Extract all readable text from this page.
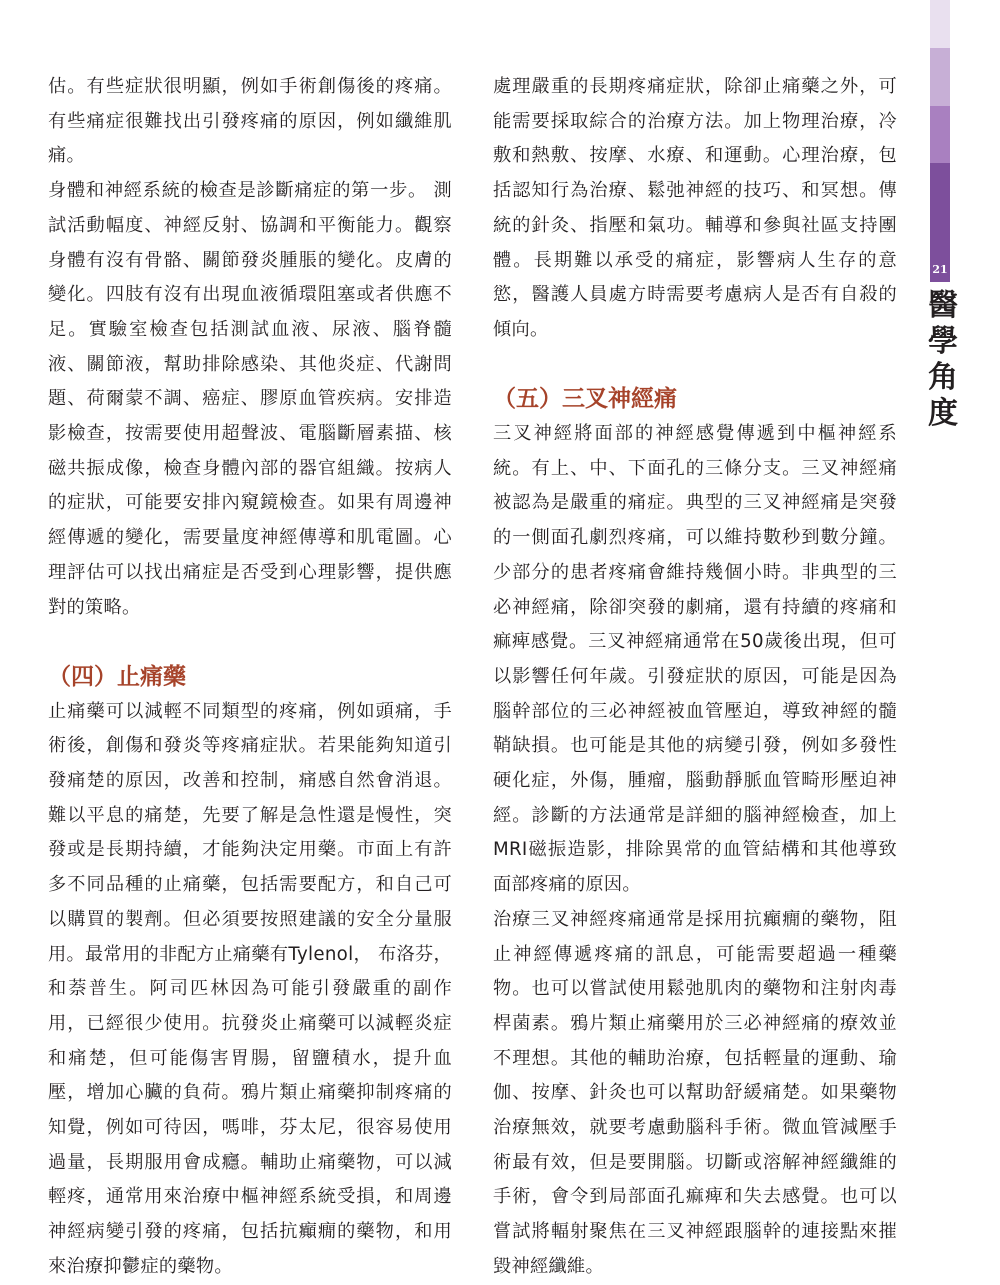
21
醫學角度

估。有些症狀很明顯，例如手術創傷後的疼痛。有些痛症很難找出引發疼痛的原因，例如纖維肌痛。

身體和神經系統的檢查是診斷痛症的第一步。 測試活動幅度、神經反射、協調和平衡能力。觀察身體有沒有骨骼、關節發炎腫脹的變化。皮膚的變化。四肢有沒有出現血液循環阻塞或者供應不足。實驗室檢查包括測試血液、尿液、腦脊髓液、關節液，幫助排除感染、其他炎症、代謝問題、荷爾蒙不調、癌症、膠原血管疾病。安排造影檢查，按需要使用超聲波、電腦斷層素描、核磁共振成像，檢查身體內部的器官組織。按病人的症狀，可能要安排內窺鏡檢查。如果有周邊神經傳遞的變化，需要量度神經傳導和肌電圖。心理評估可以找出痛症是否受到心理影響，提供應對的策略。

（四）止痛藥

止痛藥可以減輕不同類型的疼痛，例如頭痛，手術後，創傷和發炎等疼痛症狀。若果能夠知道引發痛楚的原因，改善和控制，痛感自然會消退。難以平息的痛楚，先要了解是急性還是慢性，突發或是長期持續，才能夠決定用藥。市面上有許多不同品種的止痛藥，包括需要配方，和自己可以購買的製劑。但必須要按照建議的安全分量服用。最常用的非配方止痛藥有Tylenol， 布洛芬，和萘普生。阿司匹林因為可能引發嚴重的副作用，已經很少使用。抗發炎止痛藥可以減輕炎症和痛楚，但可能傷害胃腸，留鹽積水，提升血壓，增加心臟的負荷。鴉片類止痛藥抑制疼痛的知覺，例如可待因，嗎啡，芬太尼，很容易使用過量，長期服用會成癮。輔助止痛藥物，可以減輕疼，通常用來治療中樞神經系統受損，和周邊神經病變引發的疼痛，包括抗癲癇的藥物，和用來治療抑鬱症的藥物。

處理嚴重的長期疼痛症狀，除卻止痛藥之外，可能需要採取綜合的治療方法。加上物理治療，冷敷和熱敷、按摩、水療、和運動。心理治療，包括認知行為治療、鬆弛神經的技巧、和冥想。傳統的針灸、指壓和氣功。輔導和參與社區支持團體。長期難以承受的痛症，影響病人生存的意慾，醫護人員處方時需要考慮病人是否有自殺的傾向。

（五）三叉神經痛

三叉神經將面部的神經感覺傳遞到中樞神經系統。有上、中、下面孔的三條分支。三叉神經痛被認為是嚴重的痛症。典型的三叉神經痛是突發的一側面孔劇烈疼痛，可以維持數秒到數分鐘。少部分的患者疼痛會維持幾個小時。非典型的三必神經痛，除卻突發的劇痛，還有持續的疼痛和痲痺感覺。三叉神經痛通常在50歲後出現，但可以影響任何年歲。引發症狀的原因，可能是因為腦幹部位的三必神經被血管壓迫，導致神經的髓鞘缺損。也可能是其他的病變引發，例如多發性硬化症，外傷，腫瘤，腦動靜脈血管畸形壓迫神經。診斷的方法通常是詳細的腦神經檢查，加上MRI磁振造影，排除異常的血管結構和其他導致面部疼痛的原因。

治療三叉神經疼痛通常是採用抗癲癇的藥物，阻止神經傳遞疼痛的訊息，可能需要超過一種藥物。也可以嘗試使用鬆弛肌肉的藥物和注射肉毒桿菌素。鴉片類止痛藥用於三必神經痛的療效並不理想。其他的輔助治療，包括輕量的運動、瑜伽、按摩、針灸也可以幫助舒緩痛楚。如果藥物治療無效，就要考慮動腦科手術。微血管減壓手術最有效，但是要開腦。切斷或溶解神經纖維的手術，會令到局部面孔痲痺和失去感覺。也可以嘗試將輻射聚焦在三叉神經跟腦幹的連接點來摧毀神經纖維。
